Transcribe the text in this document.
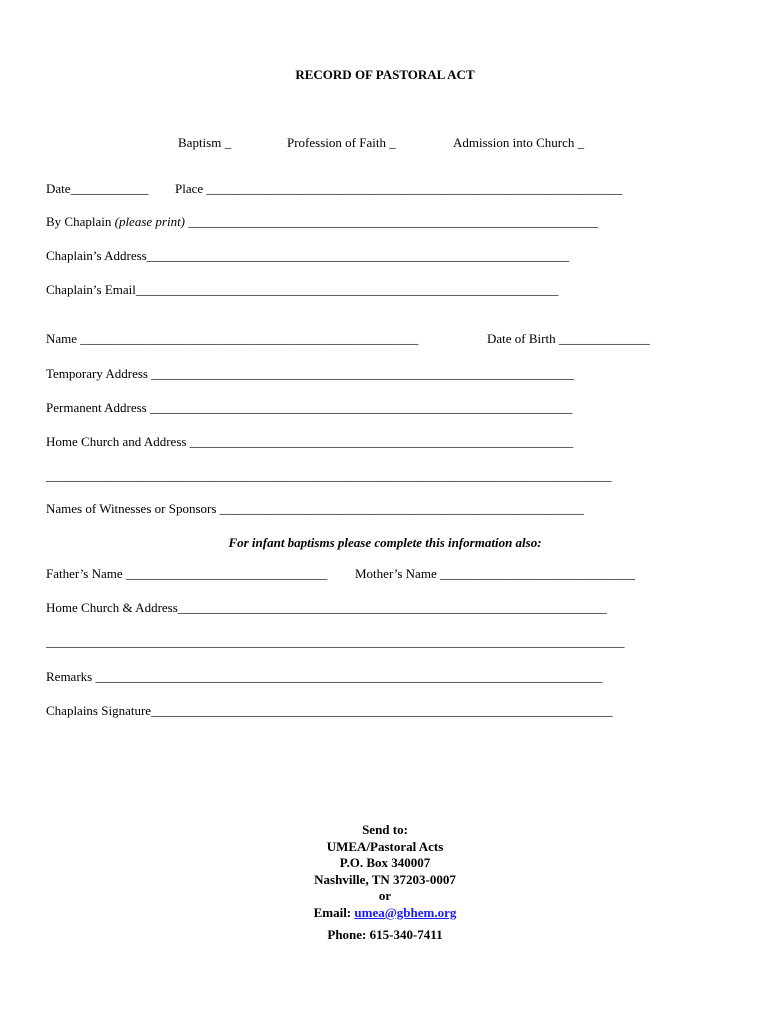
RECORD OF PASTORAL ACT
Baptism _	Profession of Faith _	Admission into Church _
Date____________ Place ________________________________________________________________
By Chaplain (please print) _______________________________________________________________
Chaplain’s Address_________________________________________________________________
Chaplain’s Email_________________________________________________________________
Name ____________________________________________________	Date of Birth ______________
Temporary Address _________________________________________________________________
Permanent Address _________________________________________________________________
Home Church and Address ___________________________________________________________
_______________________________________________________________________________________
Names of Witnesses or Sponsors ________________________________________________________
For infant baptisms please complete this information also:
Father’s Name _______________________________ Mother’s Name ______________________________
Home Church & Address__________________________________________________________________
_________________________________________________________________________________________
Remarks ______________________________________________________________________________
Chaplains Signature_______________________________________________________________________
Send to:
UMEA/Pastoral Acts
P.O. Box 340007
Nashville, TN 37203-0007
or
Email: umea@gbhem.org
Phone: 615-340-7411
